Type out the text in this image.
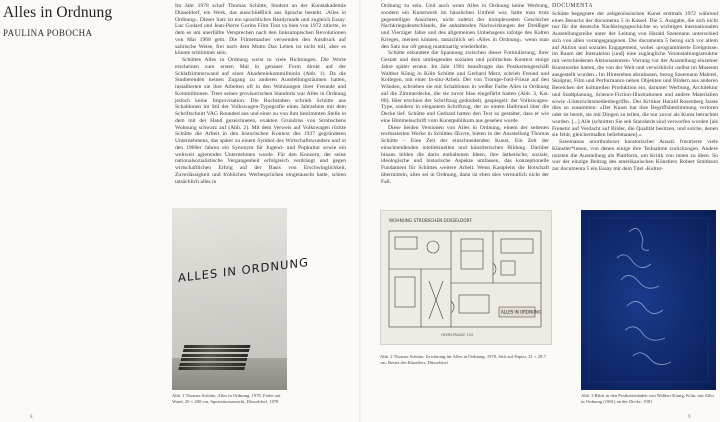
Alles in Ordnung
PAULINA POBOCHA

Im Jahr 1978 schuf Thomas Schütte, Student an der Kunstakademie Düsseldorf, ein Werk, das ausschließlich aus Sprache besteht. ›Alles in Ordnung‹. Dieser Satz ist ein sprachliches Readymade und zugleich Essay. Luc Godard und Jean-Pierre Gorins Film Tout va bien von 1972 zitierte, in dem es um unerfüllte Versprechen nach den linksutopischen Revolutionen von Mai 1968 geht. Die Filmemacher verwenden den Ausdruck auf satirische Weise, frei nach dem Motto Das Leben ist nicht toll, aber es könnte schlimmer sein.

Schüttes Alles in Ordnung weist in viele Richtungen. Die Worte erscheinen zum ersten Mal in genauer Form direkt auf der Schlafzimmerwand auf einer Akademiekommilitonin (Abb. 1). Da die Studierenden keinen Zugang zu anderen Ausstellungsräumen hatten, installierten sie ihre Arbeiten oft in den Wohnungen ihrer Freunde und Kommilitonen. Treer seines provisorischen Standorts war Alles in Ordnung jedoch keine Improvisation. Die Buchstaben schrieb Schütte aus Schablonen im Stil der Volkswagen-Typografie eines Jahrzehnts mit dem Schriftschnitt VAG Rounded aus und einer zu von ihm bestimmten Stelle in dem mit der Hand gezeichneten, exakten Grundriss von Strobschens Wohnung schwarz auf (Abb. 2). Mit dem Verweis auf Volkswagen rückte Schütte die Arbeit in den historischen Kontext des 1937 gegründeten Unternehmens, das später zu einem Symbol des Wirtschaftswunders und in den 1960er Jahren ein Synonym für Jugend- und Popkultur sowie ein weltweit agierendes Unternehmen wurde. Für den Konzern, der seine nationalsozialistische Vergangenheit erfolgreich verdrängt und gegen wirtschaftlichen Erfolg auf der Basis von Erschwinglichkeit, Zuverlässigkeit und fröhlichen Werbesprüchen eingetauscht hatte, schien tatsächlich alles in

Ordnung zu sein. Und auch wenn Alles in Ordnung keine Werbung, sondern ein Kunstwerk im häuslichen Umfeld war, hatte man trotz gegenteiliger Ansichten, nicht zuletzt der komplexesten Geschichte Nachkriegsdeutschlands, die anhaltenden Nachwirkungen der Dreißiger und Vierziger Jahre und des allgemeinen Unbehagens infolge des Kalten Krieges, meinen können, tatsächlich sei ›Alles in Ordnung‹, wenn man den Satz nur oft genug mantraartig wiederholte.

Schütte erkundete die Spannung zwischen dieser Formulierung, ihrer Gestalt und dem umliegenden sozialen und politischen Kontext einige Jahre später erneut. Im Jahr 1981 beauftragte das Postkartengeschäft Walther König in Köln Schütte und Gerhard Merz, schrieb Freund und Kollegen, mit einer In-situ-Arbeit. Der von Trompe-l'œil-Frieze auf den Wänden, schrieben sie mit Schablonen in weißer Farbe Alles in Ordnung auf die Zimmerdecke, die sie zuvor blau eingefärbt hatten (Abb. 3, Kat. 80). Hier erschien der Schriftzug gedoubelt, gespiegelt: der Volkswagen-Type, sondern in elegantem Schriftzug, der zu einem Halbrund über die Decke lief. Schütte und Gerhard hatten den Text so gestaltet, dass er wie eine Himmelsschrift vom Kunstpublikum aus gesehen wurde.

Diese beiden Versionen von Alles in Ordnung, einem der seltenen textbasierten Werke in Schüttes Œuvre, bieten in der Ausstellung Thomas Schütte – Eine Zeit der einschneidenden Kunst, Ein Zeit der einschneidenden intellektuellen und künstlerischen Bildung. Darüber hinaus bilden die darin enthaltenen Ideen, ihre ästhetische, soziale, ideologische und historische Aspekte umfassen, das konzeptionelle Fundament für Schüttes weitere Arbeit. Wenn Kastpleits die Botschaft übermitteln, alles sei in Ordnung, dann ist eben dies vermutlich nicht der Fall.

DOCUMENTA

Schütte begegnete der zeitgenössischen Kunst erstmals 1972 während eines Besuchs der documenta 5 in Kassel. Die 5. Ausgabe, die sich nicht nur für die deutsche Nachkriegsgeschichte so wichtigen internationalen Ausstellungsreihe unter der Leitung von Harald Szeemann unterschied sich von allen vorangegangenen. Die documenta 5 bezog sich vor allem auf Aktion und soziales Engagement, wobei ›programmierte Ereignisse‹ im Raum der Interaktion [und] eine zugängliche Veranstaltungsstruktur mit verschiedenen Aktionszentren‹ Vorrang vor der Ausstellung einzelner Kunstwerke hatten, die von der Welt und verwirklicht ›selbst im Museum ausgestellt wurden.‹ Im Hinterehen abzubauen, bezog Szeemann Malerei, Skulptur, Film und Performance neben Objekten und Bildern aus anderen Bereichen der kulturellen Produktion ein, darunter Werbung, Architektur und Stadtplanung, Science-Fiction-Illustrationen und andere Materialien sowie ›Unterrichtsmedienbegriffe‹. Der Kritiker Harald Rosenberg fasste dies so zusammen: »Der Kunst hat ihre Begriffsbestimmung verloren oder ist bereit, sie mit Dingen zu teilen, die nur zuvor als Kunst betrachtet wurden. [...] Alle (schnitten Sie seh Standards sind verworfen worden [als Frenetic auf Verdacht auf Bilder, die Qualität besitzen, und solche, denen sie fehlt, gleichermaßen beliebmauen].«

Szeemanns unorthodoxer kuratorischer Ansatz frustrierte viele Künstler*innen, von denen einige ihre Teilnahme zurückzogen. Andere nutzten die Ausstellung als Plattform, um Kritik von innen zu üben. So war der einzige Beitrag des amerikanischen Künstlers Robert Smithson zur documenta 5 ein Essay mit dem Titel ›Kultur-

ALLES IN ORDNUNG
Abb. 1 Thomas Schütte, Alles in Ordnung, 1978, Farbe auf Wand, 20 × 280 cm, Speziationsansicht, Düsseldorf, 1978
WOHNUNG STROBSCHEN DÜSSELDORF
ALLES IN ORDNUNG
HEERSTRASSE 104
Abb. 2 Thomas Schütte, Zeichnung für Alles in Ordnung, 1978, Stift auf Papier, 21 × 29,7 cm, Besitz des Künstlers, Düsseldorf
Abb. 3 Blick in den Postkartenladen von Walther König, Köln, mit Alles in Ordnung (1981) an der Decke, 1981
8	9
